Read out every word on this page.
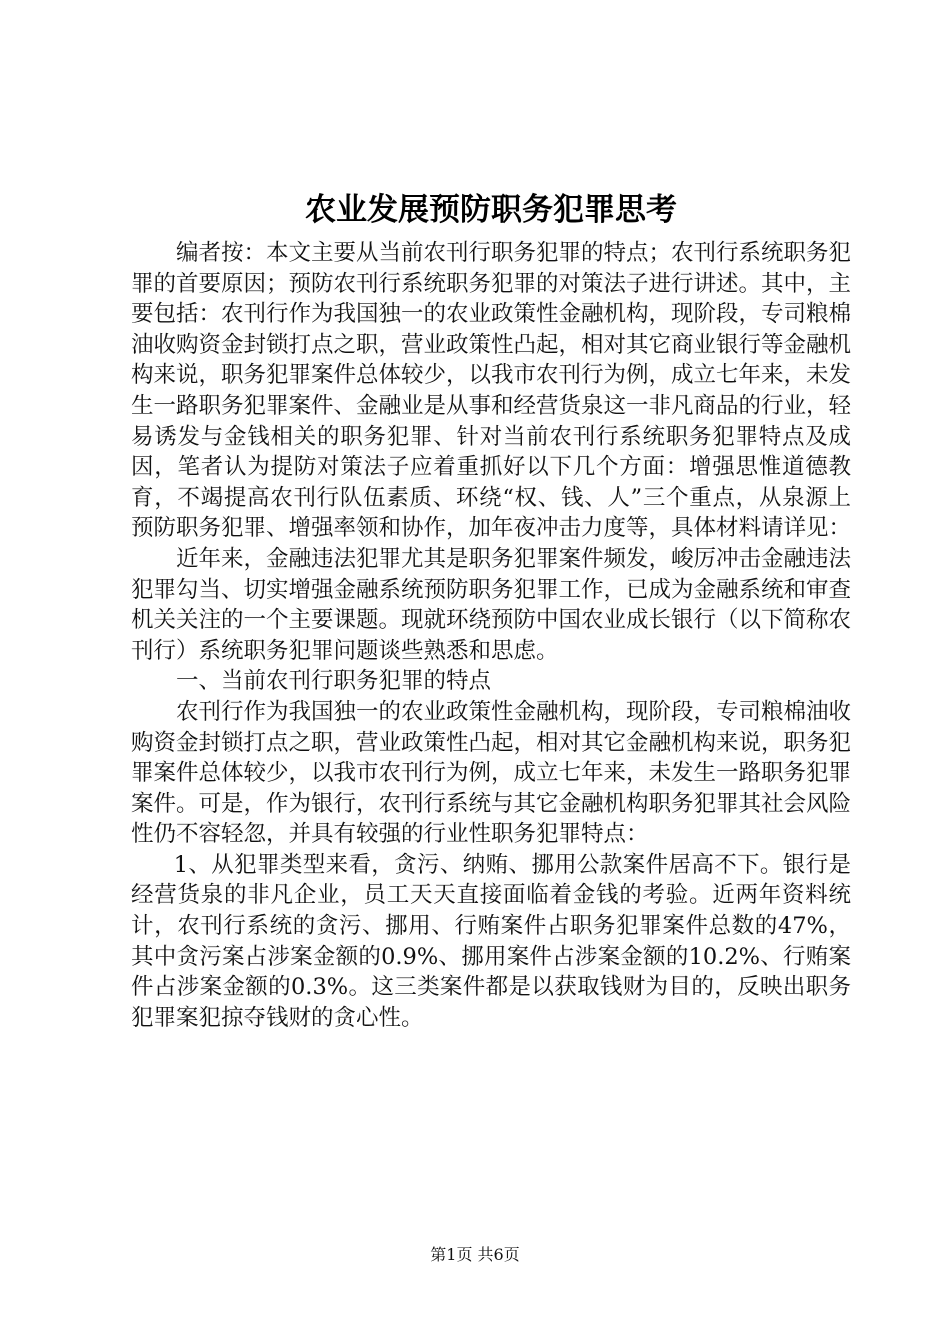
农业发展预防职务犯罪思考

编者按：本文主要从当前农刊行职务犯罪的特点；农刊行系统职务犯罪的首要原因；预防农刊行系统职务犯罪的对策法子进行讲述。其中，主要包括：农刊行作为我国独一的农业政策性金融机构，现阶段，专司粮棉油收购资金封锁打点之职，营业政策性凸起，相对其它商业银行等金融机构来说，职务犯罪案件总体较少，以我市农刊行为例，成立七年来，未发生一路职务犯罪案件、金融业是从事和经营货泉这一非凡商品的行业，轻易诱发与金钱相关的职务犯罪、针对当前农刊行系统职务犯罪特点及成因，笔者认为提防对策法子应着重抓好以下几个方面：增强思惟道德教育，不竭提高农刊行队伍素质、环绕“权、钱、人”三个重点，从泉源上预防职务犯罪、增强率领和协作，加年夜冲击力度等，具体材料请详见：

近年来，金融违法犯罪尤其是职务犯罪案件频发，峻厉冲击金融违法犯罪勾当、切实增强金融系统预防职务犯罪工作，已成为金融系统和审查机关关注的一个主要课题。现就环绕预防中国农业成长银行（以下简称农刊行）系统职务犯罪问题谈些熟悉和思虑。

一、当前农刊行职务犯罪的特点

农刊行作为我国独一的农业政策性金融机构，现阶段，专司粮棉油收购资金封锁打点之职，营业政策性凸起，相对其它金融机构来说，职务犯罪案件总体较少，以我市农刊行为例，成立七年来，未发生一路职务犯罪案件。可是，作为银行，农刊行系统与其它金融机构职务犯罪其社会风险性仍不容轻忽，并具有较强的行业性职务犯罪特点：

1、从犯罪类型来看，贪污、纳贿、挪用公款案件居高不下。银行是经营货泉的非凡企业，员工天天直接面临着金钱的考验。近两年资料统计，农刊行系统的贪污、挪用、行贿案件占职务犯罪案件总数的47%，其中贪污案占涉案金额的0.9%、挪用案件占涉案金额的10.2%、行贿案件占涉案金额的0.3%。这三类案件都是以获取钱财为目的，反映出职务犯罪案犯掠夺钱财的贪心性。

第1页 共6页
